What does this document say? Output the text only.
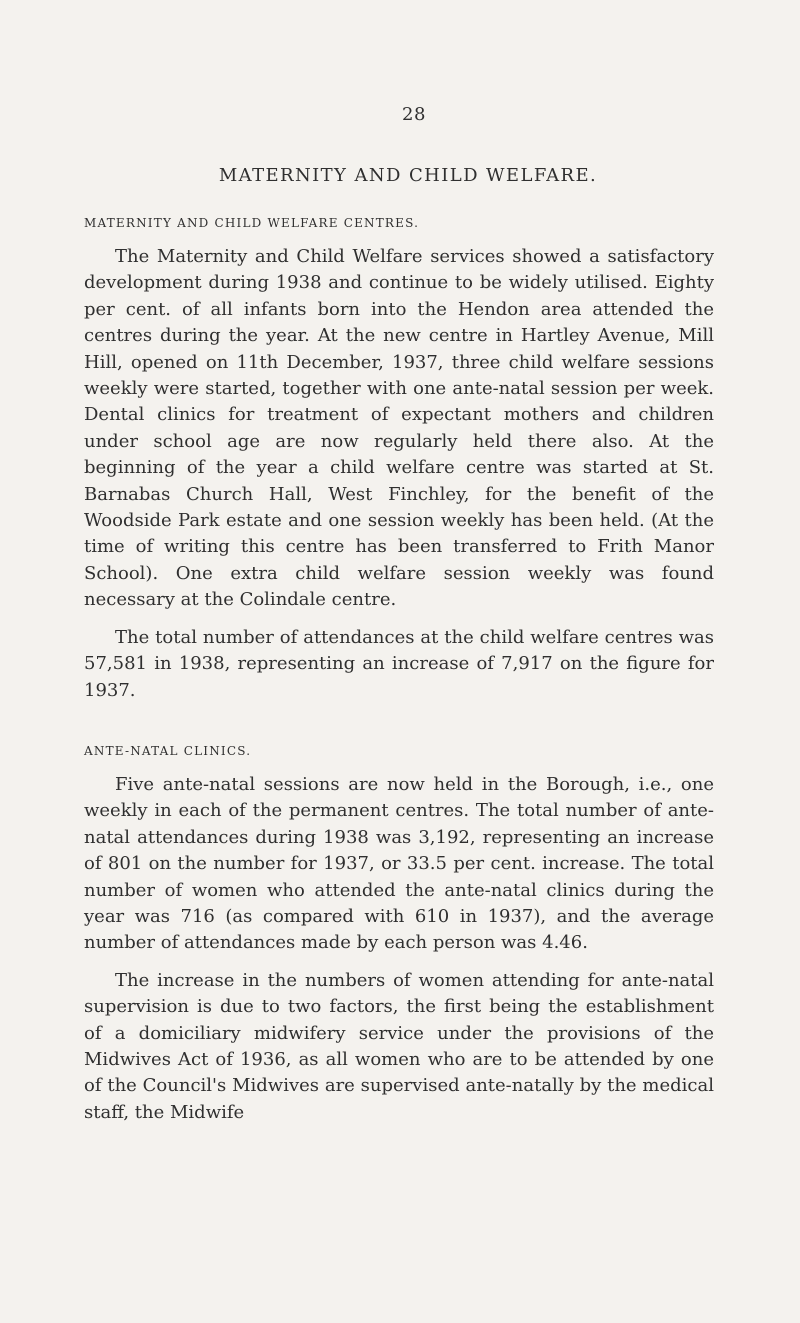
28
MATERNITY AND CHILD WELFARE.
MATERNITY AND CHILD WELFARE CENTRES.

The Maternity and Child Welfare services showed a satisfactory development during 1938 and continue to be widely utilised. Eighty per cent. of all infants born into the Hendon area attended the centres during the year. At the new centre in Hartley Avenue, Mill Hill, opened on 11th December, 1937, three child welfare sessions weekly were started, together with one ante-natal session per week. Dental clinics for treatment of expectant mothers and children under school age are now regularly held there also. At the beginning of the year a child welfare centre was started at St. Barnabas Church Hall, West Finchley, for the benefit of the Woodside Park estate and one session weekly has been held. (At the time of writing this centre has been transferred to Frith Manor School). One extra child welfare session weekly was found necessary at the Colindale centre.

The total number of attendances at the child welfare centres was 57,581 in 1938, representing an increase of 7,917 on the figure for 1937.

ANTE-NATAL CLINICS.

Five ante-natal sessions are now held in the Borough, i.e., one weekly in each of the permanent centres. The total number of ante-natal attendances during 1938 was 3,192, representing an increase of 801 on the number for 1937, or 33.5 per cent. increase. The total number of women who attended the ante-natal clinics during the year was 716 (as compared with 610 in 1937), and the average number of attendances made by each person was 4.46.

The increase in the numbers of women attending for ante-natal supervision is due to two factors, the first being the establishment of a domiciliary midwifery service under the provisions of the Midwives Act of 1936, as all women who are to be attended by one of the Council's Midwives are supervised ante-natally by the medical staff, the Midwife
